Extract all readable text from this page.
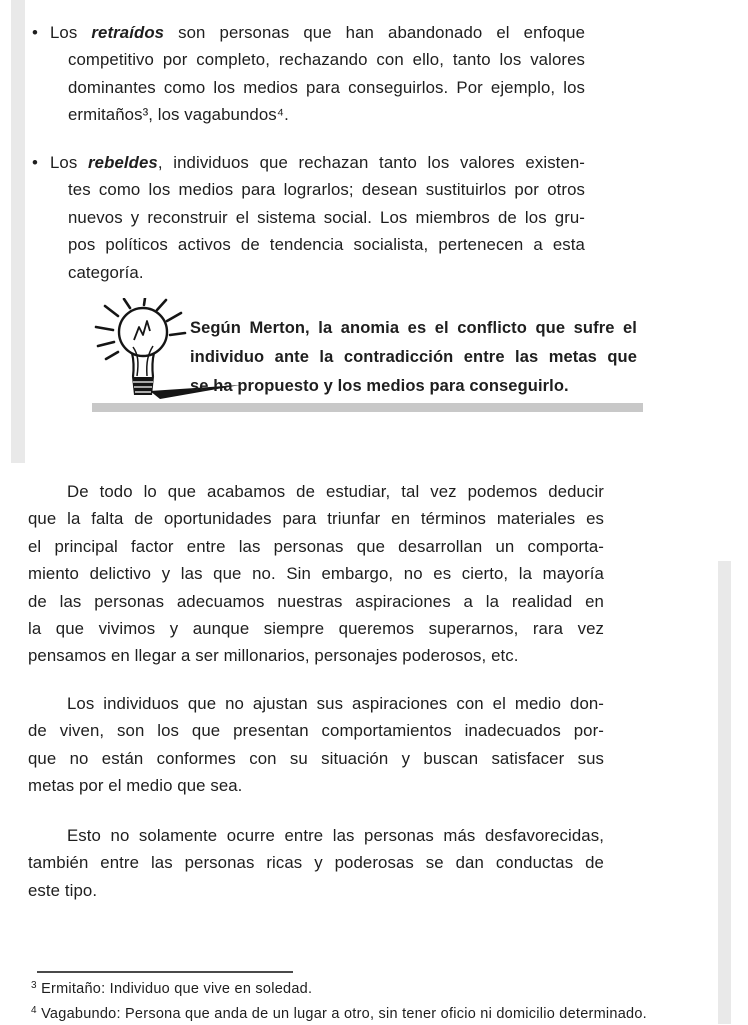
• Los retraídos son personas que han abandonado el enfoque
competitivo por completo, rechazando con ello, tanto los valores
dominantes como los medios para conseguirlos. Por ejemplo, los
ermitaños³, los vagabundos⁴.
• Los rebeldes, individuos que rechazan tanto los valores existen-
tes como los medios para lograrlos; desean sustituirlos por otros
nuevos y reconstruir el sistema social. Los miembros de los gru-
pos políticos activos de tendencia socialista, pertenecen a esta
categoría.
Según Merton, la anomia es el conflicto que sufre el
individuo ante la contradicción entre las metas que
se ha propuesto y los medios para conseguirlo.
De todo lo que acabamos de estudiar, tal vez podemos deducir
que la falta de oportunidades para triunfar en términos materiales es
el principal factor entre las personas que desarrollan un comporta-
miento delictivo y las que no. Sin embargo, no es cierto, la mayoría
de las personas adecuamos nuestras aspiraciones a la realidad en
la que vivimos y aunque siempre queremos superarnos, rara vez
pensamos en llegar a ser millonarios, personajes poderosos, etc.
Los individuos que no ajustan sus aspiraciones con el medio don-
de viven, son los que presentan comportamientos inadecuados por-
que no están conformes con su situación y buscan satisfacer sus
metas por el medio que sea.
Esto no solamente ocurre entre las personas más desfavorecidas,
también entre las personas ricas y poderosas se dan conductas de
este tipo.
$^3$ Ermitaño: Individuo que vive en soledad.
$^4$ Vagabundo: Persona que anda de un lugar a otro, sin tener oficio ni domicilio determinado.
